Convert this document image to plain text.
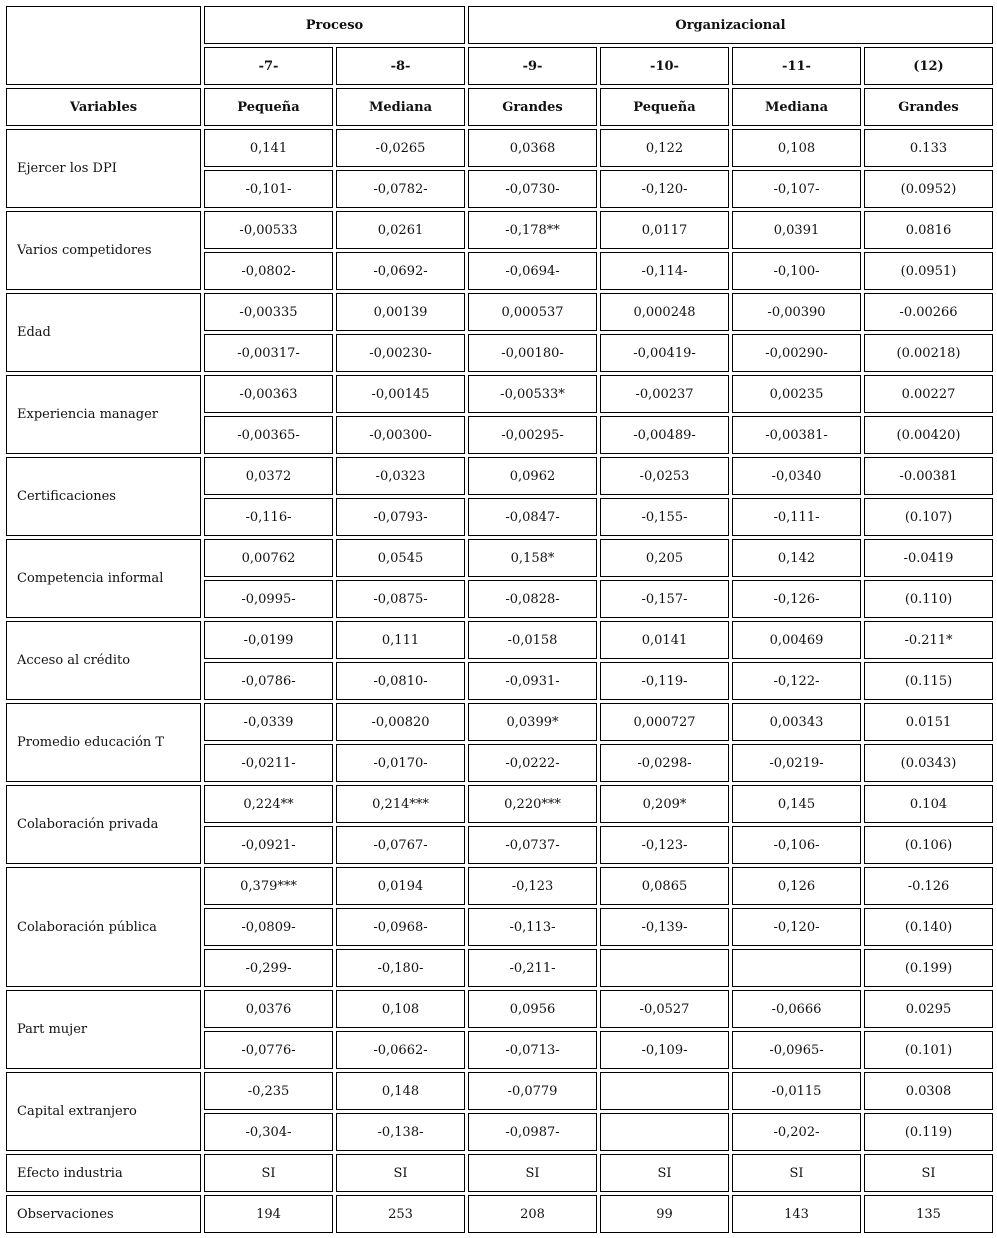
	Proceso		Organizacional			
	-7-	-8-	-9-	-10-	-11-	(12)
Variables	Pequeña	Mediana	Grandes	Pequeña	Mediana	Grandes
Ejercer los DPI	0,141	-0,0265	0,0368	0,122	0,108	0.133
	-0,101-	-0,0782-	-0,0730-	-0,120-	-0,107-	(0.0952)
Varios competidores	-0,00533	0,0261	-0,178**	0,0117	0,0391	0.0816
	-0,0802-	-0,0692-	-0,0694-	-0,114-	-0,100-	(0.0951)
Edad	-0,00335	0,00139	0,000537	0,000248	-0,00390	-0.00266
	-0,00317-	-0,00230-	-0,00180-	-0,00419-	-0,00290-	(0.00218)
Experiencia manager	-0,00363	-0,00145	-0,00533*	-0,00237	0,00235	0.00227
	-0,00365-	-0,00300-	-0,00295-	-0,00489-	-0,00381-	(0.00420)
Certificaciones	0,0372	-0,0323	0,0962	-0,0253	-0,0340	-0.00381
	-0,116-	-0,0793-	-0,0847-	-0,155-	-0,111-	(0.107)
Competencia informal	0,00762	0,0545	0,158*	0,205	0,142	-0.0419
	-0,0995-	-0,0875-	-0,0828-	-0,157-	-0,126-	(0.110)
Acceso al crédito	-0,0199	0,111	-0,0158	0,0141	0,00469	-0.211*
	-0,0786-	-0,0810-	-0,0931-	-0,119-	-0,122-	(0.115)
Promedio educación T	-0,0339	-0,00820	0,0399*	0,000727	0,00343	0.0151
	-0,0211-	-0,0170-	-0,0222-	-0,0298-	-0,0219-	(0.0343)
Colaboración privada	0,224**	0,214***	0,220***	0,209*	0,145	0.104
	-0,0921-	-0,0767-	-0,0737-	-0,123-	-0,106-	(0.106)
Colaboración pública	0,379***	0,0194	-0,123	0,0865	0,126	-0.126
	-0,0809-	-0,0968-	-0,113-	-0,139-	-0,120-	(0.140)
	-0,299-	-0,180-	-0,211-			(0.199)
Part mujer	0,0376	0,108	0,0956	-0,0527	-0,0666	0.0295
	-0,0776-	-0,0662-	-0,0713-	-0,109-	-0,0965-	(0.101)
Capital extranjero	-0,235	0,148	-0,0779		-0,0115	0.0308
	-0,304-	-0,138-	-0,0987-		-0,202-	(0.119)
Efecto industria	SI	SI	SI	SI	SI	SI
Observaciones	194	253	208	99	143	135
